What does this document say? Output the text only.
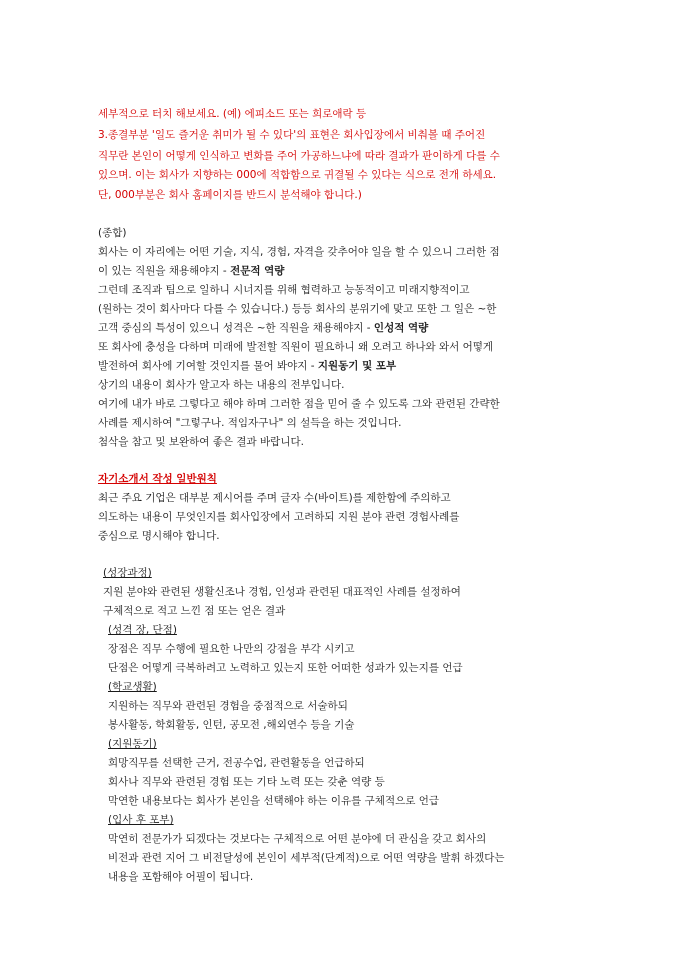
세부적으로 터치 해보세요. (예) 에피소드 또는 희로애락 등
3.종결부분 '일도 즐거운 취미가 될 수 있다'의 표현은 회사입장에서 비춰볼 때 주어진
직무란 본인이 어떻게 인식하고 변화를 주어 가공하느냐에 따라 결과가 판이하게 다를 수
있으며. 이는 회사가 지향하는 000에 적합함으로 귀결될 수 있다는 식으로 전개 하세요.
단, 000부분은 회사 홈페이지를 반드시 분석해야 합니다.)
(종합)
회사는 이 자리에는 어떤 기술, 지식, 경험, 자격을 갖추어야 일을 할 수 있으니 그러한 점
이 있는 직원을 채용해야지 - 전문적 역량
그런데 조직과 팀으로 일하니 시너지를 위해 협력하고 능동적이고 미래지향적이고
(원하는 것이 회사마다 다를 수 있습니다.) 등등 회사의 분위기에 맞고 또한 그 일은 ~한
고객 중심의 특성이 있으니 성격은 ~한 직원을 채용해야지 - 인성적 역량
또 회사에 충성을 다하며 미래에 발전할 직원이 필요하니 왜 오려고 하나와 와서 어떻게
발전하여 회사에 기여할 것인지를 물어 봐야지 - 지원동기 및 포부
상기의 내용이 회사가 알고자 하는 내용의 전부입니다.
여기에 내가 바로 그렇다고 해야 하며 그러한 점을 믿어 줄 수 있도록 그와 관련된 간략한
사례를 제시하여 "그렇구나. 적임자구나" 의 설득을 하는 것입니다.
첨삭을 참고 및 보완하여 좋은 결과 바랍니다.
자기소개서 작성 일반원칙
최근 주요 기업은 대부분 제시어를 주며 글자 수(바이트)를 제한함에 주의하고
의도하는 내용이 무엇인지를 회사입장에서 고려하되 지원 분야 관련 경험사례를
중심으로 명시해야 합니다.
(성장과정)
지원 분야와 관련된 생활신조나 경험, 인성과 관련된 대표적인 사례를 설정하여
구체적으로 적고 느낀 점 또는 얻은 결과
(성격 장, 단점)
장점은 직무 수행에 필요한 나만의 강점을 부각 시키고
단점은 어떻게 극복하려고 노력하고 있는지 또한 어떠한 성과가 있는지를 언급
(학교생활)
지원하는 직무와 관련된 경험을 중점적으로 서술하되
봉사활동, 학회활동, 인턴, 공모전 ,해외연수 등을 기술
(지원동기)
희망직무를 선택한 근거, 전공수업, 관련활동을 언급하되
회사나 직무와 관련된 경험 또는 기타 노력 또는 갖춘 역량 등
막연한 내용보다는 회사가 본인을 선택해야 하는 이유를 구체적으로 언급
(입사 후 포부)
막연히 전문가가 되겠다는 것보다는 구체적으로 어떤 분야에 더 관심을 갖고 회사의
비전과 관련 지어 그 비전달성에 본인이 세부적(단계적)으로 어떤 역량을 발휘 하겠다는
내용을 포함해야 어필이 됩니다.
